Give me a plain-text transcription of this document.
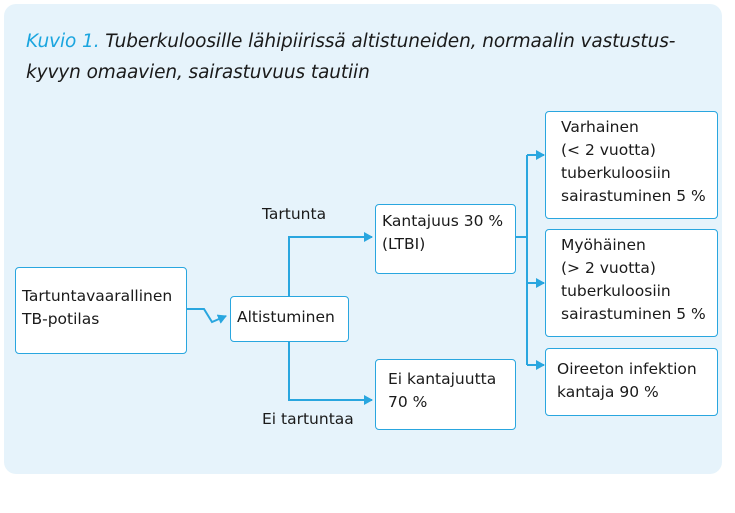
Kuvio 1. Tuberkuloosille lähipiirissä altistuneiden, normaalin vastustus-kyvyn omaavien, sairastuvuus tautiin
Tartuntavaarallinen
TB-potilas	Altistuminen
Kantajuus 30 %
(LTBI)
Ei kantajuutta
70 %
Varhainen
(< 2 vuotta)
tuberkuloosiin
sairastuminen 5 %
Myöhäinen
(> 2 vuotta)
tuberkuloosiin
sairastuminen 5 %
Oireeton infektion
kantaja 90 %
Tartunta
Ei tartuntaa
